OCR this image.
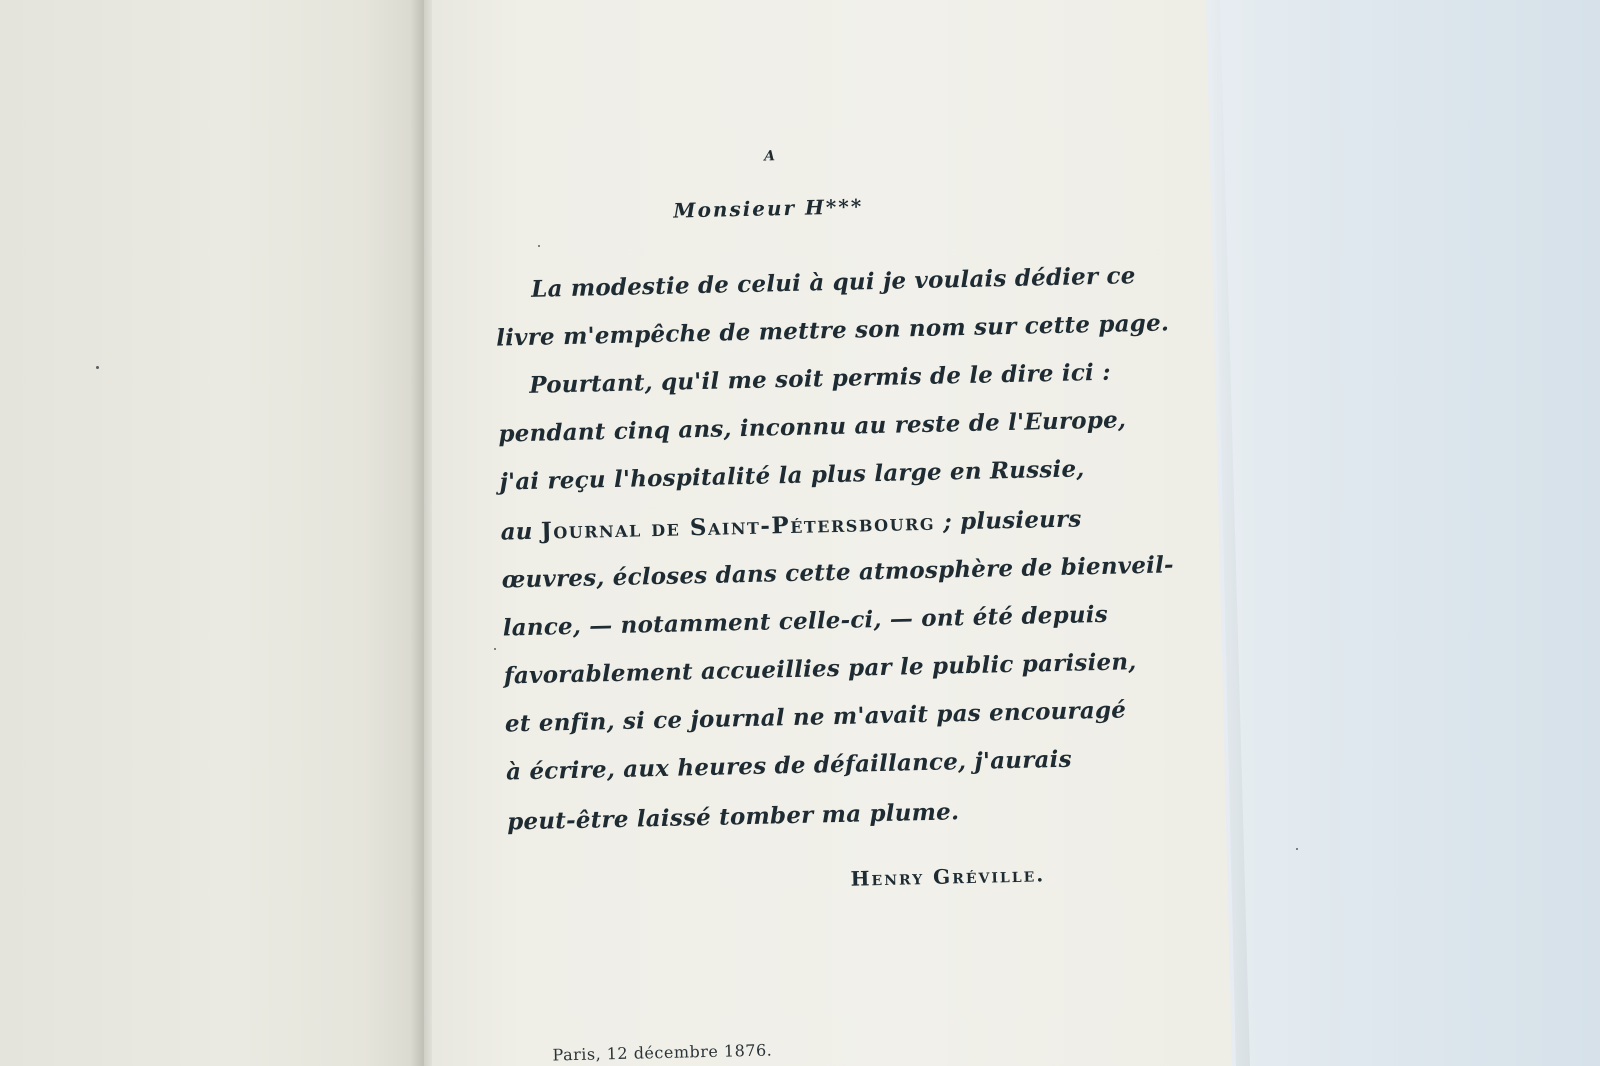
A
Monsieur H***
La modestie de celui à qui je voulais dédier ce
livre m'empêche de mettre son nom sur cette page.
Pourtant, qu'il me soit permis de le dire ici :
pendant cinq ans, inconnu au reste de l'Europe,
j'ai reçu l'hospitalité la plus large en Russie,
au Journal de Saint-Pétersbourg ; plusieurs
œuvres, écloses dans cette atmosphère de bienveil-
lance, — notamment celle-ci, — ont été depuis
favorablement accueillies par le public parisien,
et enfin, si ce journal ne m'avait pas encouragé
à écrire, aux heures de défaillance, j'aurais
peut-être laissé tomber ma plume.
Henry Gréville.
Paris, 12 décembre 1876.
